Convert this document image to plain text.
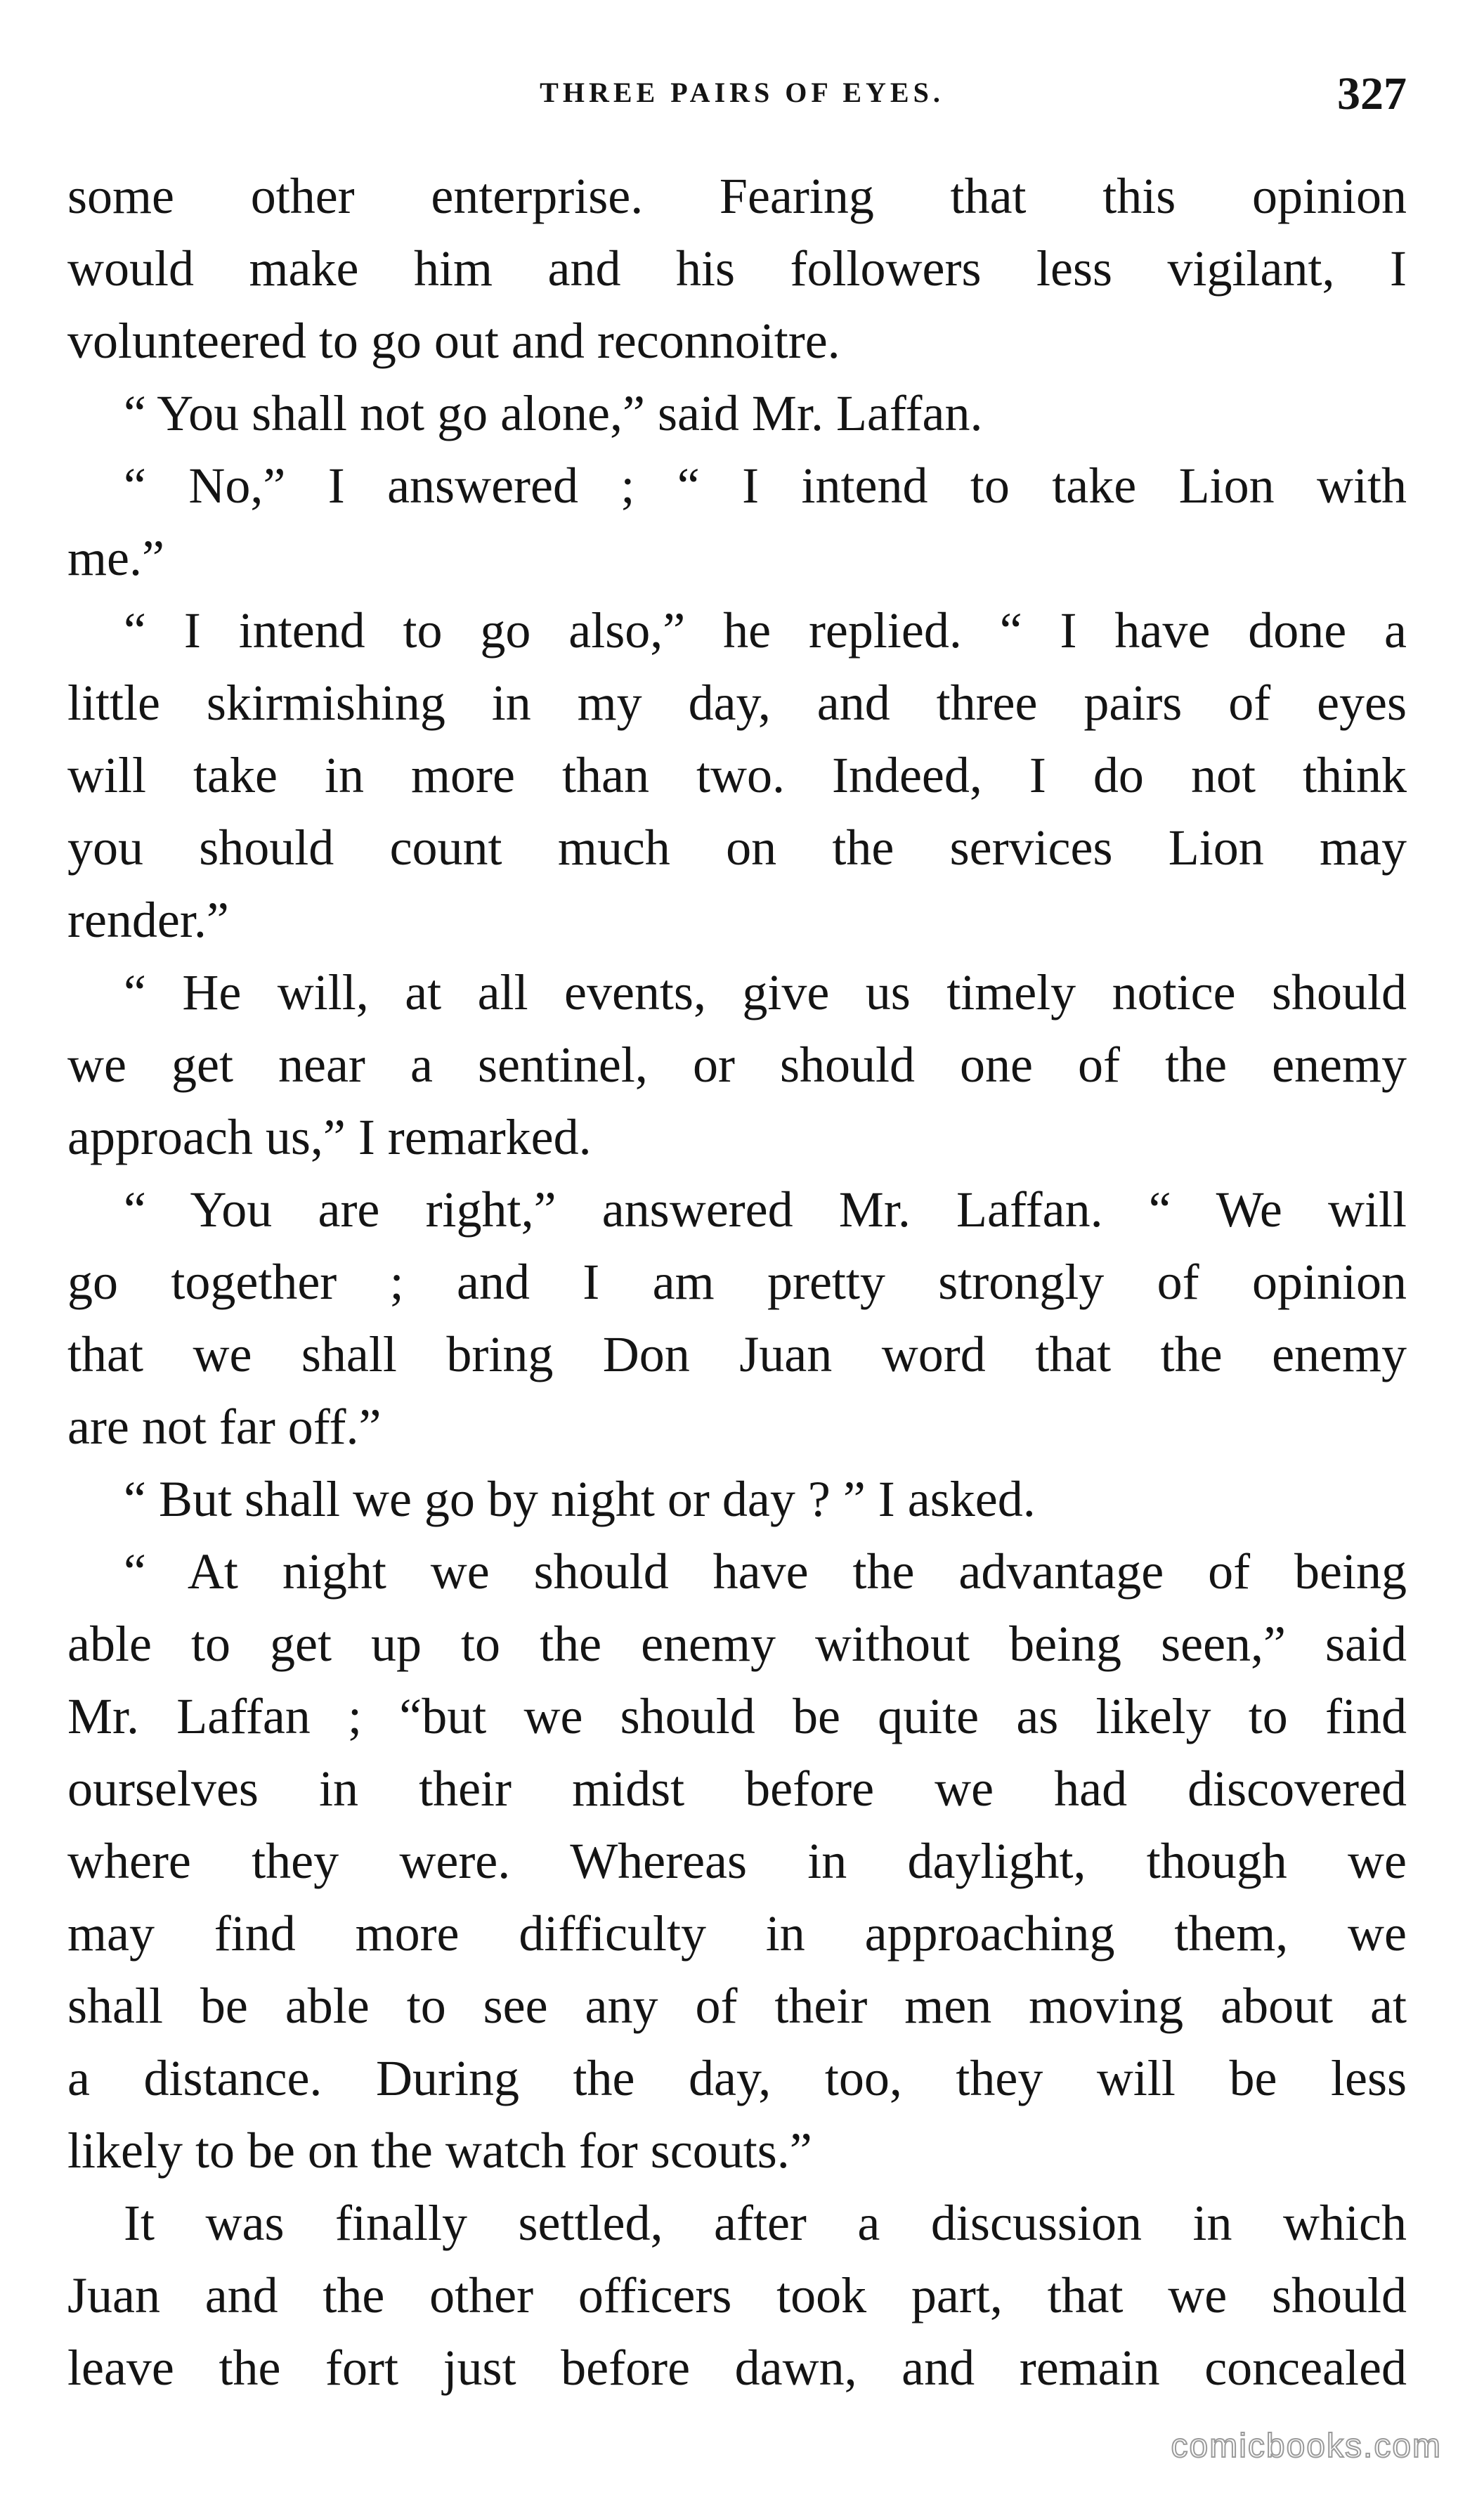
THREE PAIRS OF EYES.	327
some other enterprise. Fearing that this opinion
would make him and his followers less vigilant, I
volunteered to go out and reconnoitre.
“ You shall not go alone,” said Mr. Laffan.
“ No,” I answered ; “ I intend to take Lion with
me.”
“ I intend to go also,” he replied. “ I have done a
little skirmishing in my day, and three pairs of eyes
will take in more than two. Indeed, I do not think
you should count much on the services Lion may
render.”
“ He will, at all events, give us timely notice should
we get near a sentinel, or should one of the enemy
approach us,” I remarked.
“ You are right,” answered Mr. Laffan. “ We will
go together ; and I am pretty strongly of opinion
that we shall bring Don Juan word that the enemy
are not far off.”
“ But shall we go by night or day ? ” I asked.
“ At night we should have the advantage of being
able to get up to the enemy without being seen,” said
Mr. Laffan ; “but we should be quite as likely to find
ourselves in their midst before we had discovered
where they were. Whereas in daylight, though we
may find more difficulty in approaching them, we
shall be able to see any of their men moving about at
a distance. During the day, too, they will be less
likely to be on the watch for scouts.”
It was finally settled, after a discussion in which
Juan and the other officers took part, that we should
leave the fort just before dawn, and remain concealed
comicbooks.com
